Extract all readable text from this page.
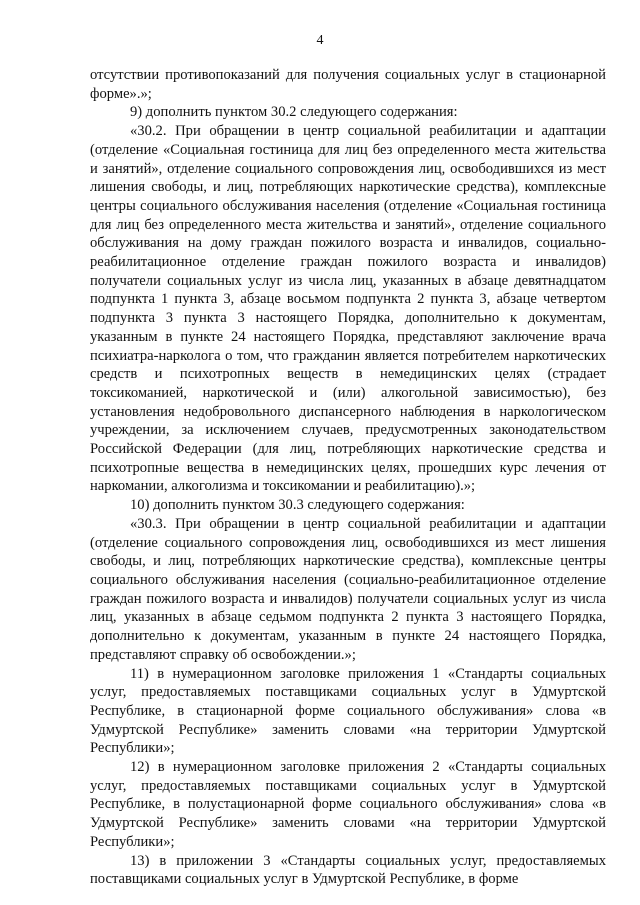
4

отсутствии противопоказаний для получения социальных услуг в стационарной форме».»;

9) дополнить пунктом 30.2 следующего содержания:

«30.2. При обращении в центр социальной реабилитации и адаптации (отделение «Социальная гостиница для лиц без определенного места жительства и занятий», отделение социального сопровождения лиц, освободившихся из мест лишения свободы, и лиц, потребляющих наркотические средства), комплексные центры социального обслуживания населения (отделение «Социальная гостиница для лиц без определенного места жительства и занятий», отделение социального обслуживания на дому граждан пожилого возраста и инвалидов, социально-реабилитационное отделение граждан пожилого возраста и инвалидов) получатели социальных услуг из числа лиц, указанных в абзаце девятнадцатом подпункта 1 пункта 3, абзаце восьмом подпункта 2 пункта 3, абзаце четвертом подпункта 3 пункта 3 настоящего Порядка, дополнительно к документам, указанным в пункте 24 настоящего Порядка, представляют заключение врача психиатра-нарколога о том, что гражданин является потребителем наркотических средств и психотропных веществ в немедицинских целях (страдает токсикоманией, наркотической и (или) алкогольной зависимостью), без установления недобровольного диспансерного наблюдения в наркологическом учреждении, за исключением случаев, предусмотренных законодательством Российской Федерации (для лиц, потребляющих наркотические средства и психотропные вещества в немедицинских целях, прошедших курс лечения от наркомании, алкоголизма и токсикомании и реабилитацию).»;

10) дополнить пунктом 30.3 следующего содержания:

«30.3. При обращении в центр социальной реабилитации и адаптации (отделение социального сопровождения лиц, освободившихся из мест лишения свободы, и лиц, потребляющих наркотические средства), комплексные центры социального обслуживания населения (социально-реабилитационное отделение граждан пожилого возраста и инвалидов) получатели социальных услуг из числа лиц, указанных в абзаце седьмом подпункта 2 пункта 3 настоящего Порядка, дополнительно к документам, указанным в пункте 24 настоящего Порядка, представляют справку об освобождении.»;

11) в нумерационном заголовке приложения 1 «Стандарты социальных услуг, предоставляемых поставщиками социальных услуг в Удмуртской Республике, в стационарной форме социального обслуживания» слова «в Удмуртской Республике» заменить словами «на территории Удмуртской Республики»;

12) в нумерационном заголовке приложения 2 «Стандарты социальных услуг, предоставляемых поставщиками социальных услуг в Удмуртской Республике, в полустационарной форме социального обслуживания» слова «в Удмуртской Республике» заменить словами «на территории Удмуртской Республики»;

13) в приложении 3 «Стандарты социальных услуг, предоставляемых поставщиками социальных услуг в Удмуртской Республике, в форме
